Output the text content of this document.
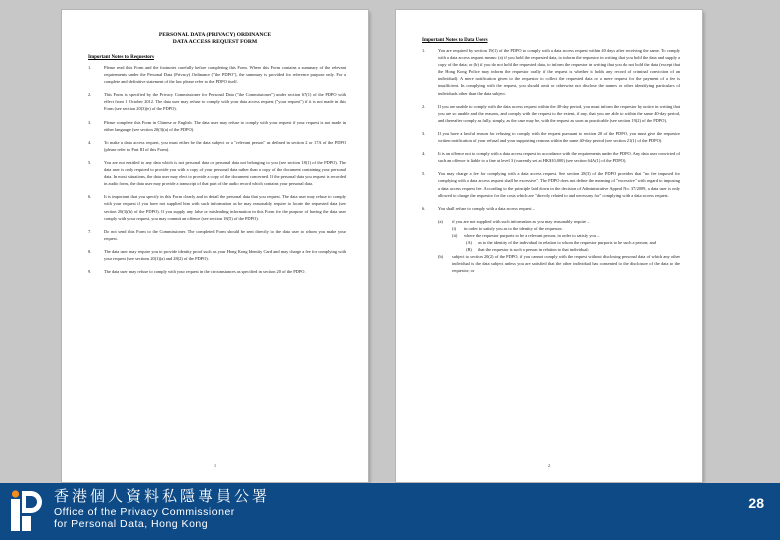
PERSONAL DATA (PRIVACY) ORDINANCE
DATA ACCESS REQUEST FORM
Important Notes to Requestors
1.	Please read this Form and the footnotes carefully before completing this Form. Where this Form contains a summary of the relevant requirements under the Personal Data (Privacy) Ordinance ("the PDPO"), the summary is provided for reference purpose only. For a complete and definitive statement of the law please refer to the PDPO itself.
2.	This Form is specified by the Privacy Commissioner for Personal Data ("the Commissioner") under section 67(1) of the PDPO with effect from 1 October 2012. The data user may refuse to comply with your data access request ("your request") if it is not made in this Form (see section 20(3)(e) of the PDPO).
3.	Please complete this Form in Chinese or English. The data user may refuse to comply with your request if your request is not made in either language (see section 20(3)(a) of the PDPO).
4.	To make a data access request, you must either be the data subject or a "relevant person" as defined in section 2 or 17A of the PDPO (please refer to Part III of this Form).
5.	You are not entitled to any data which is not personal data or personal data not belonging to you (see section 18(1) of the PDPO). The data user is only required to provide you with a copy of your personal data rather than a copy of the document containing your personal data. In most situations, the data user may elect to provide a copy of the document concerned. If the personal data you request is recorded in audio form, the data user may provide a transcript of that part of the audio record which contains your personal data.
6.	It is important that you specify in this Form clearly and in detail the personal data that you request. The data user may refuse to comply with your request if you have not supplied him with such information as he may reasonably require to locate the requested data (see section 20(3)(b) of the PDPO). If you supply any false or misleading information in this Form for the purpose of having the data user comply with your request, you may commit an offence (see section 18(5) of the PDPO).
7.	Do not send this Form to the Commissioner. The completed Form should be sent directly to the data user to whom you make your request.
8.	The data user may require you to provide identity proof such as your Hong Kong Identity Card and may charge a fee for complying with your request (see sections 20(1)(a) and 28(2) of the PDPO).
9.	The data user may refuse to comply with your request in the circumstances as specified in section 20 of the PDPO.
1
Important Notes to Data Users
1.	You are required by section 19(1) of the PDPO to comply with a data access request within 40 days after receiving the same. To comply with a data access request means: (a) if you hold the requested data, to inform the requestor in writing that you hold the data and supply a copy of the data; or (b) if you do not hold the requested data, to inform the requestor in writing that you do not hold the data (except that the Hong Kong Police may inform the requestor orally if the request is whether it holds any record of criminal conviction of an individual). A mere notification given to the requestor to collect the requested data or a mere request for the payment of a fee is insufficient. In complying with the request, you should omit or otherwise not disclose the names or other identifying particulars of individuals other than the data subject.
2.	If you are unable to comply with the data access request within the 40-day period, you must inform the requestor by notice in writing that you are so unable and the reasons, and comply with the request to the extent, if any, that you are able to within the same 40-day period, and thereafter comply as fully, simply, as the case may be, with the request as soon as practicable (see section 19(2) of the PDPO).
3.	If you have a lawful reason for refusing to comply with the request pursuant to section 20 of the PDPO, you must give the requestor written notification of your refusal and your supporting reasons within the same 40-day period (see section 21(1) of the PDPO).
4.	It is an offence not to comply with a data access request in accordance with the requirements under the PDPO. Any data user convicted of such an offence is liable to a fine at level 3 (currently set at HK$10,000) (see section 64A(1) of the PDPO).
5.	You may charge a fee for complying with a data access request. See section 28(3) of the PDPO provides that "no fee imposed for complying with a data access request shall be excessive". The PDPO does not define the meaning of "excessive" with regard to imposing a data access request fee. According to the principle laid down in the decision of Administrative Appeal No. 37/2009, a data user is only allowed to charge the requestor for the costs which are "directly related to and necessary for" complying with a data access request.
6.	You shall refuse to comply with a data access request –
(a) if you are not supplied with such information as you may reasonably require –
(i) in order to satisfy you as to the identity of the requestor;
(ii) where the requestor purports to be a relevant person, in order to satisfy you –
(A) as to the identity of the individual in relation to whom the requestor purports to be such a person; and
(B) that the requestor is such a person in relation to that individual;
(b) subject to section 20(2) of the PDPO, if you cannot comply with the request without disclosing personal data of which any other individual is the data subject unless you are satisfied that the other individual has consented to the disclosure of the data to the requestor; or
2
香港個人資料私隱專員公署
Office of the Privacy Commissioner
for Personal Data, Hong Kong
28
